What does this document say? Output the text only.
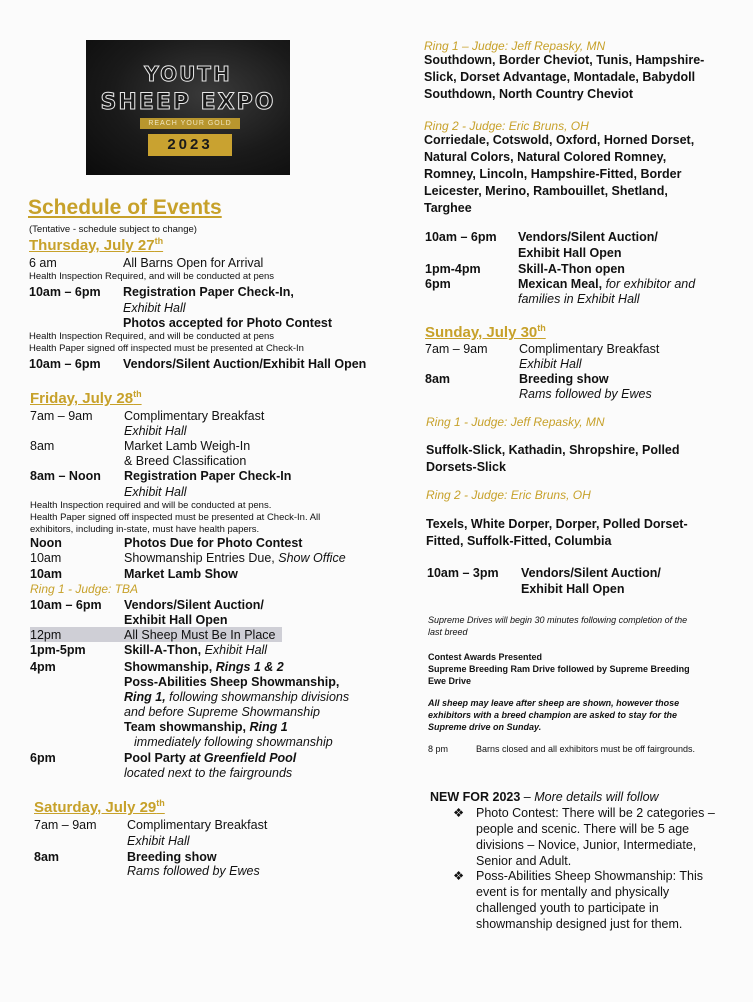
YOUTH
SHEEP EXPO
REACH YOUR GOLD
2023
Schedule of Events
(Tentative - schedule subject to change)
Thursday, July 27th
6 am	All Barns Open for Arrival
Health Inspection Required, and will be conducted at pens
10am – 6pm Registration Paper Check-In,
Exhibit Hall
Photos accepted for Photo Contest
Health Inspection Required, and will be conducted at pens
Health Paper signed off inspected must be presented at Check-In
10am – 6pm Vendors/Silent Auction/Exhibit Hall Open
Friday, July 28th
7am – 9am	Complimentary Breakfast
Exhibit Hall
8am	Market Lamb Weigh-In
& Breed Classification
8am – Noon Registration Paper Check-In
Exhibit Hall
Health Inspection required and will be conducted at pens.
Health Paper signed off inspected must be presented at Check-In. All
exhibitors, including in-state, must have health papers.
Noon	Photos Due for Photo Contest
10am	Showmanship Entries Due, Show Office
10am	Market Lamb Show
Ring 1 - Judge: TBA
10am – 6pm Vendors/Silent Auction/
Exhibit Hall Open
12pm	All Sheep Must Be In Place
1pm-5pm	Skill-A-Thon, Exhibit Hall
4pm	Showmanship, Rings 1 & 2
Poss-Abilities Sheep Showmanship,
Ring 1, following showmanship divisions
and before Supreme Showmanship
Team showmanship, Ring 1
immediately following showmanship
6pm	Pool Party at Greenfield Pool
located next to the fairgrounds
Saturday, July 29th
7am – 9am Complimentary Breakfast
Exhibit Hall
8am	Breeding show
Rams followed by Ewes
Ring 1 – Judge: Jeff Repasky, MN
Southdown, Border Cheviot, Tunis, Hampshire-
Slick, Dorset Advantage, Montadale, Babydoll
Southdown, North Country Cheviot
Ring 2 - Judge: Eric Bruns, OH
Corriedale, Cotswold, Oxford, Horned Dorset,
Natural Colors, Natural Colored Romney,
Romney, Lincoln, Hampshire-Fitted, Border
Leicester, Merino, Rambouillet, Shetland,
Targhee
10am – 6pm Vendors/Silent Auction/
Exhibit Hall Open
1pm-4pm	Skill-A-Thon open
6pm	Mexican Meal, for exhibitor and
families in Exhibit Hall
Sunday, July 30th
7am – 9am	Complimentary Breakfast
Exhibit Hall
8am	Breeding show
Rams followed by Ewes
Ring 1 - Judge: Jeff Repasky, MN
Suffolk-Slick, Kathadin, Shropshire, Polled
Dorsets-Slick
Ring 2 - Judge: Eric Bruns, OH
Texels, White Dorper, Dorper, Polled Dorset-
Fitted, Suffolk-Fitted, Columbia
10am – 3pm Vendors/Silent Auction/
Exhibit Hall Open
Supreme Drives will begin 30 minutes following completion of the
last breed
Contest Awards Presented
Supreme Breeding Ram Drive followed by Supreme Breeding
Ewe Drive
All sheep may leave after sheep are shown, however those
exhibitors with a breed champion are asked to stay for the
Supreme drive on Sunday.
8 pm	Barns closed and all exhibitors must be off fairgrounds.
NEW FOR 2023 – More details will follow
❖ Photo Contest: There will be 2 categories –
people and scenic. There will be 5 age
divisions – Novice, Junior, Intermediate,
Senior and Adult.
❖ Poss-Abilities Sheep Showmanship: This
event is for mentally and physically
challenged youth to participate in
showmanship designed just for them.
